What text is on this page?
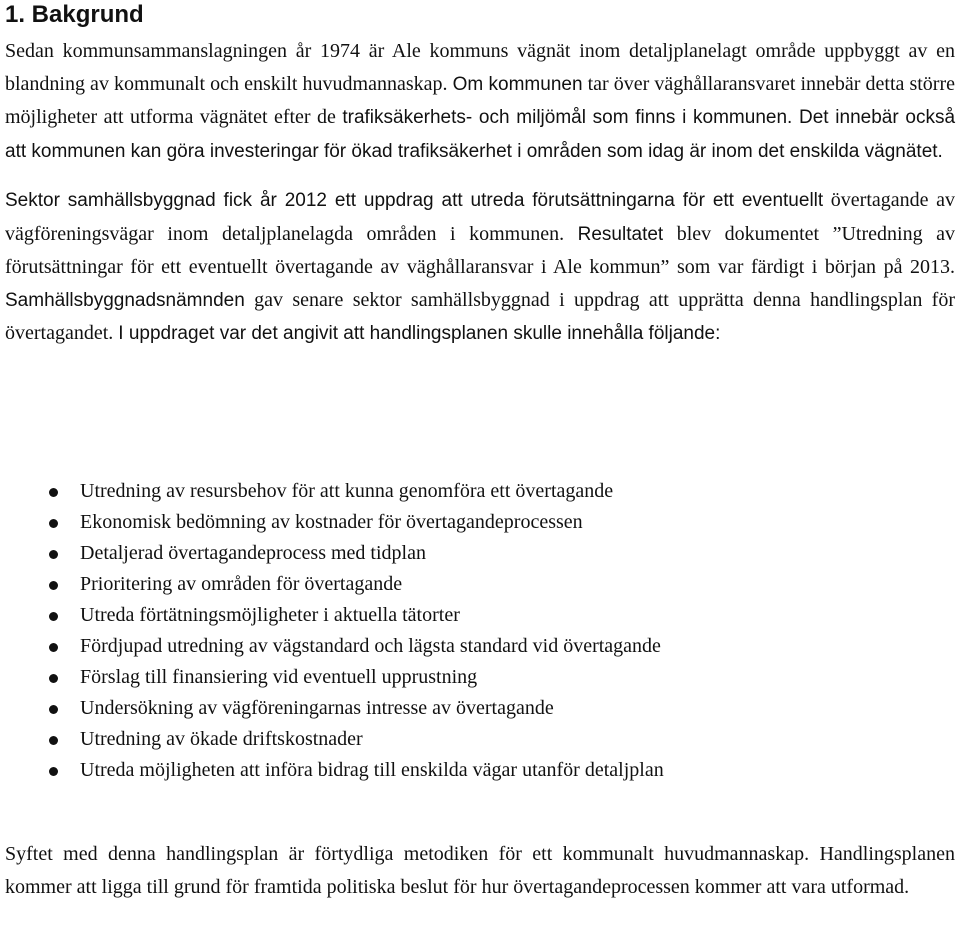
1. Bakgrund

Sedan kommunsammanslagningen år 1974 är Ale kommuns vägnät inom detaljplanelagt område uppbyggt av en blandning av kommunalt och enskilt huvudmannaskap. Om kommunen tar över väghållaransvaret innebär detta större möjligheter att utforma vägnätet efter de trafiksäkerhets- och miljömål som finns i kommunen. Det innebär också att kommunen kan göra investeringar för ökad trafiksäkerhet i områden som idag är inom det enskilda vägnätet.

Sektor samhällsbyggnad fick år 2012 ett uppdrag att utreda förutsättningarna för ett eventuellt övertagande av vägföreningsvägar inom detaljplanelagda områden i kommunen. Resultatet blev dokumentet ”Utredning av förutsättningar för ett eventuellt övertagande av väghållaransvar i Ale kommun” som var färdigt i början på 2013. Samhällsbyggnadsnämnden gav senare sektor samhällsbyggnad i uppdrag att upprätta denna handlingsplan för övertagandet. I uppdraget var det angivit att handlingsplanen skulle innehålla följande:

Utredning av resursbehov för att kunna genomföra ett övertagande
Ekonomisk bedömning av kostnader för övertagandeprocessen
Detaljerad övertagandeprocess med tidplan
Prioritering av områden för övertagande
Utreda förtätningsmöjligheter i aktuella tätorter
Fördjupad utredning av vägstandard och lägsta standard vid övertagande
Förslag till finansiering vid eventuell upprustning
Undersökning av vägföreningarnas intresse av övertagande
Utredning av ökade driftskostnader
Utreda möjligheten att införa bidrag till enskilda vägar utanför detaljplan

Syftet med denna handlingsplan är förtydliga metodiken för ett kommunalt huvudmannaskap. Handlingsplanen kommer att ligga till grund för framtida politiska beslut för hur övertagandeprocessen kommer att vara utformad.
